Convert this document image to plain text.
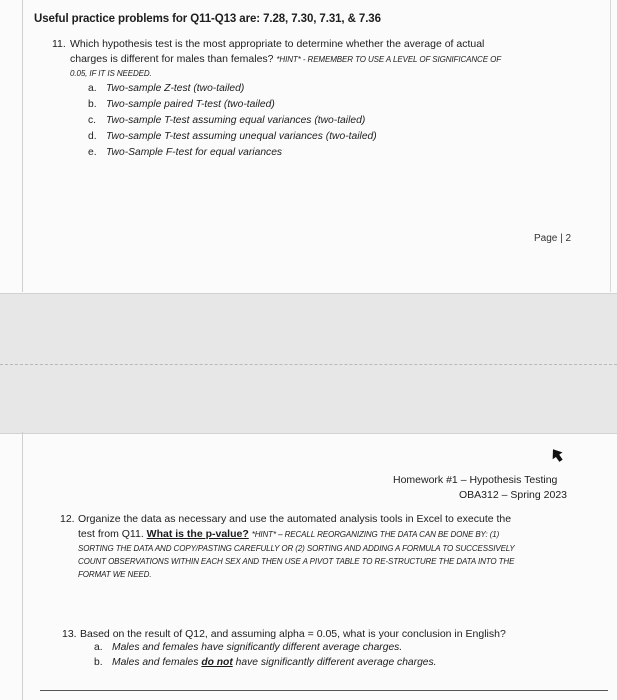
Useful practice problems for Q11-Q13 are: 7.28, 7.30, 7.31, & 7.36
11. Which hypothesis test is the most appropriate to determine whether the average of actual
charges is different for males than females? *HINT* - REMEMBER TO USE A LEVEL OF SIGNIFICANCE OF
0.05, IF IT IS NEEDED.
a. Two-sample Z-test (two-tailed)
b. Two-sample paired T-test (two-tailed)
c. Two-sample T-test assuming equal variances (two-tailed)
d. Two-sample T-test assuming unequal variances (two-tailed)
e. Two-Sample F-test for equal variances
Page | 2
Homework #1 – Hypothesis Testing
OBA312 – Spring 2023
12. Organize the data as necessary and use the automated analysis tools in Excel to execute the
test from Q11. What is the p-value? *HINT* – RECALL REORGANIZING THE DATA CAN BE DONE BY: (1)
SORTING THE DATA AND COPY/PASTING CAREFULLY OR (2) SORTING AND ADDING A FORMULA TO SUCCESSIVELY
COUNT OBSERVATIONS WITHIN EACH SEX AND THEN USE A PIVOT TABLE TO RE-STRUCTURE THE DATA INTO THE
FORMAT WE NEED.
13. Based on the result of Q12, and assuming alpha = 0.05, what is your conclusion in English?
a. Males and females have significantly different average charges.
b. Males and females do not have significantly different average charges.
